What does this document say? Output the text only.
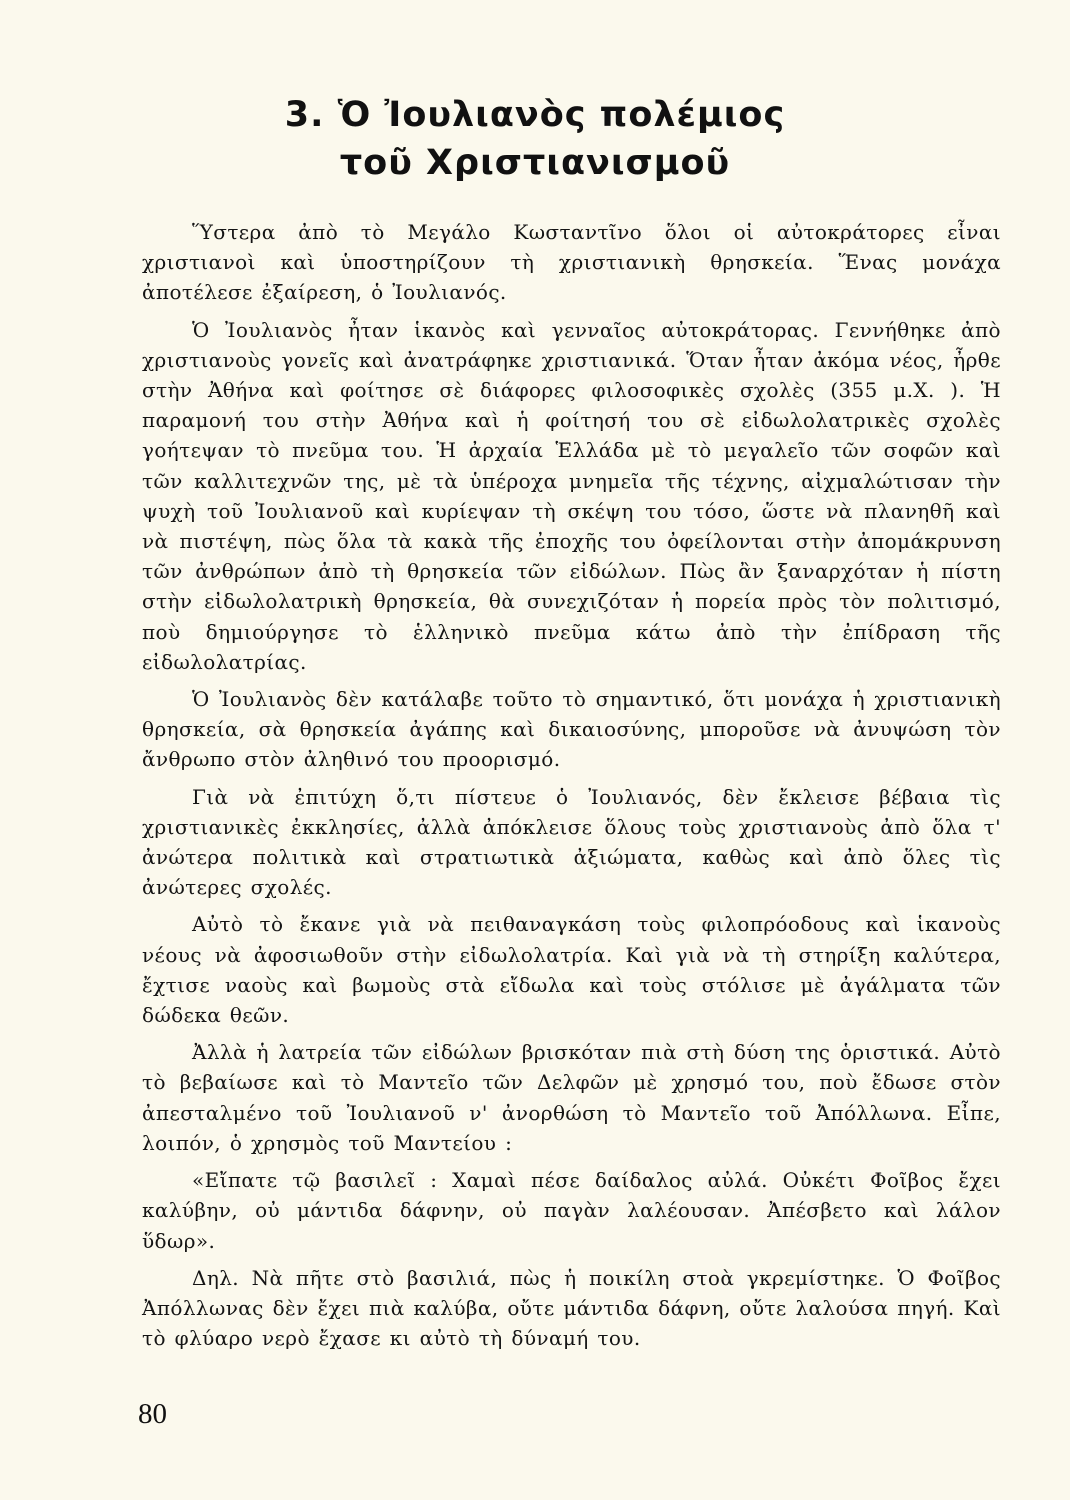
3. Ὁ Ἰουλιανὸς πολέμιος
τοῦ Χριστιανισμοῦ

Ὕστερα ἀπὸ τὸ Μεγάλο Κωσταντῖνο ὅλοι οἱ αὐτοκράτορες εἶναι χριστιανοὶ καὶ ὑποστηρίζουν τὴ χριστιανικὴ θρησκεία. Ἕνας μονάχα ἀποτέλεσε ἐξαίρεση, ὁ Ἰουλιανός.

Ὁ Ἰουλιανὸς ἦταν ἱκανὸς καὶ γενναῖος αὐτοκράτορας. Γεννήθηκε ἀπὸ χριστιανοὺς γονεῖς καὶ ἀνατράφηκε χριστιανικά. Ὅταν ἦταν ἀκόμα νέος, ἦρθε στὴν Ἀθήνα καὶ φοίτησε σὲ διάφορες φιλοσοφικὲς σχολὲς (355 μ.Χ. ). Ἡ παραμονή του στὴν Ἀθήνα καὶ ἡ φοίτησή του σὲ εἰδωλολατρικὲς σχολὲς γοήτεψαν τὸ πνεῦμα του. Ἡ ἀρχαία Ἑλλάδα μὲ τὸ μεγαλεῖο τῶν σοφῶν καὶ τῶν καλλιτεχνῶν της, μὲ τὰ ὑπέροχα μνημεῖα τῆς τέχνης, αἰχμαλώτισαν τὴν ψυχὴ τοῦ Ἰουλιανοῦ καὶ κυρίεψαν τὴ σκέψη του τόσο, ὥστε νὰ πλανηθῆ καὶ νὰ πιστέψη, πὼς ὅλα τὰ κακὰ τῆς ἐποχῆς του ὀφείλονται στὴν ἀπομάκρυνση τῶν ἀνθρώπων ἀπὸ τὴ θρησκεία τῶν εἰδώλων. Πὼς ἂν ξαναρχόταν ἡ πίστη στὴν εἰδωλολατρικὴ θρησκεία, θὰ συνεχιζόταν ἡ πορεία πρὸς τὸν πολιτισμό, ποὺ δημιούργησε τὸ ἑλληνικὸ πνεῦμα κάτω ἀπὸ τὴν ἐπίδραση τῆς εἰδωλολατρίας.

Ὁ Ἰουλιανὸς δὲν κατάλαβε τοῦτο τὸ σημαντικό, ὅτι μονάχα ἡ χριστιανικὴ θρησκεία, σὰ θρησκεία ἀγάπης καὶ δικαιοσύνης, μποροῦσε νὰ ἀνυψώση τὸν ἄνθρωπο στὸν ἀληθινό του προορισμό.

Γιὰ νὰ ἐπιτύχη ὅ,τι πίστευε ὁ Ἰουλιανός, δὲν ἔκλεισε βέβαια τὶς χριστιανικὲς ἐκκλησίες, ἀλλὰ ἀπόκλεισε ὅλους τοὺς χριστιανοὺς ἀπὸ ὅλα τ' ἀνώτερα πολιτικὰ καὶ στρατιωτικὰ ἀξιώματα, καθὼς καὶ ἀπὸ ὅλες τὶς ἀνώτερες σχολές.

Αὐτὸ τὸ ἔκανε γιὰ νὰ πειθαναγκάση τοὺς φιλοπρόοδους καὶ ἱκανοὺς νέους νὰ ἀφοσιωθοῦν στὴν εἰδωλολατρία. Καὶ γιὰ νὰ τὴ στηρίξη καλύτερα, ἔχτισε ναοὺς καὶ βωμοὺς στὰ εἴδωλα καὶ τοὺς στόλισε μὲ ἀγάλματα τῶν δώδεκα θεῶν.

Ἀλλὰ ἡ λατρεία τῶν εἰδώλων βρισκόταν πιὰ στὴ δύση της ὁριστικά. Αὐτὸ τὸ βεβαίωσε καὶ τὸ Μαντεῖο τῶν Δελφῶν μὲ χρησμό του, ποὺ ἔδωσε στὸν ἀπεσταλμένο τοῦ Ἰουλιανοῦ ν' ἀνορθώση τὸ Μαντεῖο τοῦ Ἀπόλλωνα. Εἶπε, λοιπόν, ὁ χρησμὸς τοῦ Μαντείου :

«Εἴπατε τῷ βασιλεῖ : Χαμαὶ πέσε δαίδαλος αὐλά. Οὐκέτι Φοῖβος ἔχει καλύβην, οὐ μάντιδα δάφνην, οὐ παγὰν λαλέουσαν. Ἀπέσβετο καὶ λάλον ὕδωρ».

Δηλ. Νὰ πῆτε στὸ βασιλιά, πὼς ἡ ποικίλη στοὰ γκρεμίστηκε. Ὁ Φοῖβος Ἀπόλλωνας δὲν ἔχει πιὰ καλύβα, οὔτε μάντιδα δάφνη, οὔτε λαλούσα πηγή. Καὶ τὸ φλύαρο νερὸ ἔχασε κι αὐτὸ τὴ δύναμή του.

80
